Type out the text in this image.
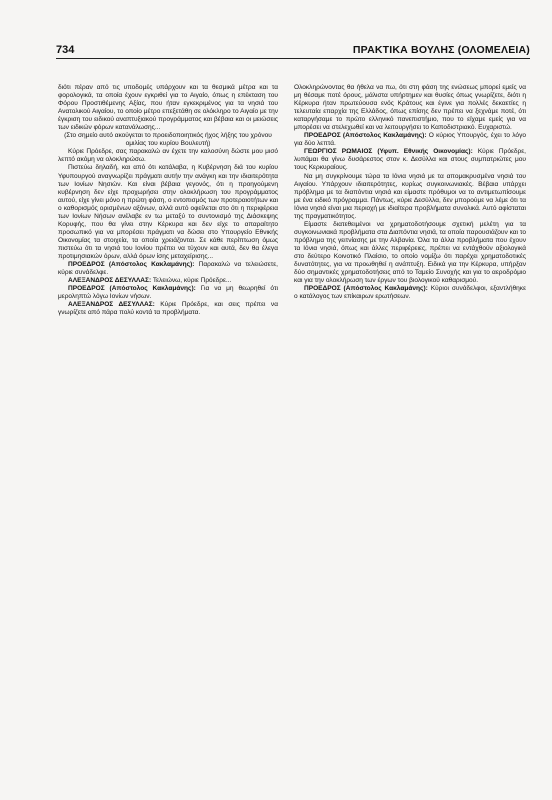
734	ΠΡΑΚΤΙΚΑ ΒΟΥΛΗΣ (ΟΛΟΜΕΛΕΙΑ)

διότι πέραν από τις υποδομές υπάρχουν και τα θεσμικά μέτρα και τα φορολογικά, τα οποία έχουν εγκριθεί για το Αιγαίο, όπως η επέκταση του Φόρου Προστιθέμενης Αξίας, που ήταν εγκεκριμένος για τα νησιά του Ανατολικού Αιγαίου, το οποίο μέτρο επεξετάθη σε ολόκληρο το Αιγαίο με την έγκριση του ειδικού αναπτυξιακού προγράμματος και βέβαια και οι μειώσεις των ειδικών φόρων κατανάλωσης...

(Στο σημείο αυτό ακούγεται το προειδοποιητικός ήχος λήξης του χρόνου ομιλίας του κυρίου Βουλευτή)

Κύριε Πρόεδρε, σας παρακαλώ αν έχετε την καλοσύνη δώστε μου μισό λεπτό ακόμη να ολοκληρώσω.

Πιστεύω δηλαδή, και από ότι κατάλαβα, η Κυβέρνηση διά του κυρίου Υφυπουργού αναγνωρίζει πράγματι αυτήν την ανάγκη και την ιδιαιτερότητα των Ιονίων Νησιών. Και είναι βέβαια γεγονός, ότι η προηγούμενη κυβέρνηση δεν είχε προχωρήσει στην ολοκλήρωση του προγράμματος αυτού, είχε γίνει μόνο η πρώτη φάση, ο εντοπισμός των προτεραιοτήτων και ο καθορισμός ορισμένων αξόνων, αλλά αυτό οφείλεται στο ότι η περιφέρεια των Ιονίων Νήσων ανέλαβε εν τω μεταξύ το συντονισμό της Διάσκεψης Κορυφής, που θα γίνει στην Κέρκυρα και δεν είχε το απαραίτητο προσωπικό για να μπορέσει πράγματι να δώσει στο Υπουργείο Εθνικής Οικονομίας τα στοιχεία, τα οποία χρειάζονται. Σε κάθε περίπτωση όμως πιστεύω ότι τα νησιά του Ιονίου πρέπει να τύχουν και αυτά, δεν θα έλεγα προτιμησιακών όρων, αλλά όρων ίσης μεταχείρισης...

ΠΡΟΕΔΡΟΣ (Απόστολος Κακλαμάνης): Παρακαλώ να τελειώσετε, κύριε συνάδελφε.

ΑΛΕΞΑΝΔΡΟΣ ΔΕΣΥΛΛΑΣ: Τελειώνω, κύριε Πρόεδρε...

ΠΡΟΕΔΡΟΣ (Απόστολος Κακλαμάνης): Για να μη θεωρηθεί ότι μεροληπτώ λόγω Ιονίων νήσων.

ΑΛΕΞΑΝΔΡΟΣ ΔΕΣΥΛΛΑΣ: Κύριε Πρόεδρε, και σεις πρέπει να γνωρίζετε από πάρα πολύ κοντά τα προβλήματα.

Ολοκληρώνοντας θα ήθελα να πω, ότι στη φάση της ενώσεως μπορεί εμείς να μη θέσαμε ποτέ όρους, μάλιστα υπήρτημεν και θυσίες όπως γνωρίζετε, διότι η Κέρκυρα ήταν πρωτεύουσα ενός Κράτους και έγινε για πολλές δεκαετίες η τελευταία επαρχία της Ελλάδος, όπως επίσης δεν πρέπει να ξεχνάμε ποτέ, ότι καταργήσαμε το πρώτο ελληνικό πανεπιστήμιο, που το είχαμε εμείς για να μπορέσει να στελεχωθεί και να λειτουργήσει το Καποδιστριακό. Ευχαριστώ.

ΠΡΟΕΔΡΟΣ (Απόστολος Κακλαμάνης): Ο κύριος Υπουργός, έχει το λόγο για δύο λεπτά.

ΓΕΩΡΓΙΟΣ ΡΩΜΑΙΟΣ (Υφυπ. Εθνικής Οικονομίας): Κύριε Πρόεδρε, λυπάμαι θα γίνω δυσάρεστος στον κ. Δεσύλλα και στους συμπατριώτες μου τους Κερκυραίους.

Να μη συγκρίνουμε τώρα τα Ιόνια νησιά με τα απομακρυσμένα νησιά του Αιγαίου. Υπάρχουν ιδιαιτερότητες, κυρίως συγκοινωνιακές. Βέβαια υπάρχει πρόβλημα με τα διαπόντια νησιά και είμαστε πρόθυμοι να το αντιμετωπίσουμε με ένα ειδικό πρόγραμμα. Πάντως, κύριε Δεσύλλα, δεν μπορούμε να λέμε ότι τα Ιόνια νησιά είναι μια περιοχή με ιδιαίτερα προβλήματα συνολικά. Αυτό αφίσταται της πραγματικότητος.

Είμαστε διατεθειμένοι να χρηματοδοτήσουμε σχετική μελέτη για τα συγκοινωνιακά προβλήματα στα Διαπόντια νησιά, τα οποία παρουσιάζουν και το πρόβλημα της γειτνίασης με την Αλβανία. Όλα τα άλλα προβλήματα που έχουν τα Ιόνια νησιά, όπως και άλλες περιφέρειες, πρέπει να εντάχθούν αξιολογικά στο δεύτερο Κοινοτικό Πλαίσιο, το οποίο νομίζω ότι παρέχει χρηματοδοτικές δυνατότητες, για να προωθηθεί η ανάπτυξη. Ειδικά για την Κέρκυρα, υπήρξαν δύο σημαντικές χρηματοδοτήσεις από το Ταμείο Συνοχής και για το αεροδρόμιο και για την ολοκλήρωση των έργων του βιολογικού καθαρισμού.

ΠΡΟΕΔΡΟΣ (Απόστολος Κακλαμάνης): Κύριοι συνάδελφοι, εξαντλήθηκε ο κατάλογος των επίκαιρων ερωτήσεων.
